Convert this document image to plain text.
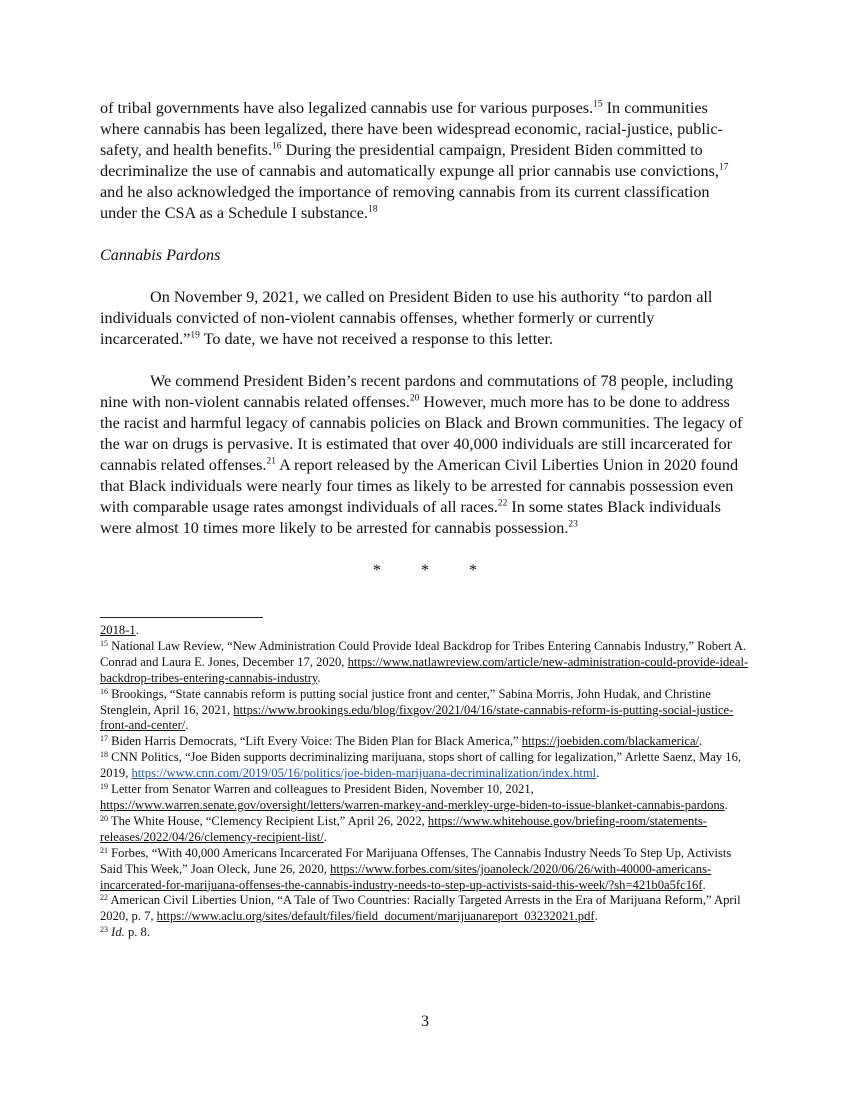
of tribal governments have also legalized cannabis use for various purposes.$^{15}$ In communities where cannabis has been legalized, there have been widespread economic, racial-justice, public-safety, and health benefits.$^{16}$ During the presidential campaign, President Biden committed to decriminalize the use of cannabis and automatically expunge all prior cannabis use convictions,$^{17}$ and he also acknowledged the importance of removing cannabis from its current classification under the CSA as a Schedule I substance.$^{18}$

Cannabis Pardons

On November 9, 2021, we called on President Biden to use his authority “to pardon all individuals convicted of non-violent cannabis offenses, whether formerly or currently incarcerated.”$^{19}$ To date, we have not received a response to this letter.

We commend President Biden’s recent pardons and commutations of 78 people, including nine with non-violent cannabis related offenses.$^{20}$ However, much more has to be done to address the racist and harmful legacy of cannabis policies on Black and Brown communities. The legacy of the war on drugs is pervasive. It is estimated that over 40,000 individuals are still incarcerated for cannabis related offenses.$^{21}$ A report released by the American Civil Liberties Union in 2020 found that Black individuals were nearly four times as likely to be arrested for cannabis possession even with comparable usage rates amongst individuals of all races.$^{22}$ In some states Black individuals were almost 10 times more likely to be arrested for cannabis possession.$^{23}$

* * *

2018-1.

$^{15}$ National Law Review, “New Administration Could Provide Ideal Backdrop for Tribes Entering Cannabis Industry,” Robert A. Conrad and Laura E. Jones, December 17, 2020, https://www.natlawreview.com/article/new-administration-could-provide-ideal-backdrop-tribes-entering-cannabis-industry.

$^{16}$ Brookings, “State cannabis reform is putting social justice front and center,” Sabina Morris, John Hudak, and Christine Stenglein, April 16, 2021, https://www.brookings.edu/blog/fixgov/2021/04/16/state-cannabis-reform-is-putting-social-justice-front-and-center/.

$^{17}$ Biden Harris Democrats, “Lift Every Voice: The Biden Plan for Black America,” https://joebiden.com/blackamerica/.

$^{18}$ CNN Politics, “Joe Biden supports decriminalizing marijuana, stops short of calling for legalization,” Arlette Saenz, May 16, 2019, https://www.cnn.com/2019/05/16/politics/joe-biden-marijuana-decriminalization/index.html.

$^{19}$ Letter from Senator Warren and colleagues to President Biden, November 10, 2021, https://www.warren.senate.gov/oversight/letters/warren-markey-and-merkley-urge-biden-to-issue-blanket-cannabis-pardons.

$^{20}$ The White House, “Clemency Recipient List,” April 26, 2022, https://www.whitehouse.gov/briefing-room/statements-releases/2022/04/26/clemency-recipient-list/.

$^{21}$ Forbes, “With 40,000 Americans Incarcerated For Marijuana Offenses, The Cannabis Industry Needs To Step Up, Activists Said This Week,” Joan Oleck, June 26, 2020, https://www.forbes.com/sites/joanoleck/2020/06/26/with-40000-americans-incarcerated-for-marijuana-offenses-the-cannabis-industry-needs-to-step-up-activists-said-this-week/?sh=421b0a5fc16f.

$^{22}$ American Civil Liberties Union, “A Tale of Two Countries: Racially Targeted Arrests in the Era of Marijuana Reform,” April 2020, p. 7, https://www.aclu.org/sites/default/files/field_document/marijuanareport_03232021.pdf.

$^{23}$ Id. p. 8.

3
